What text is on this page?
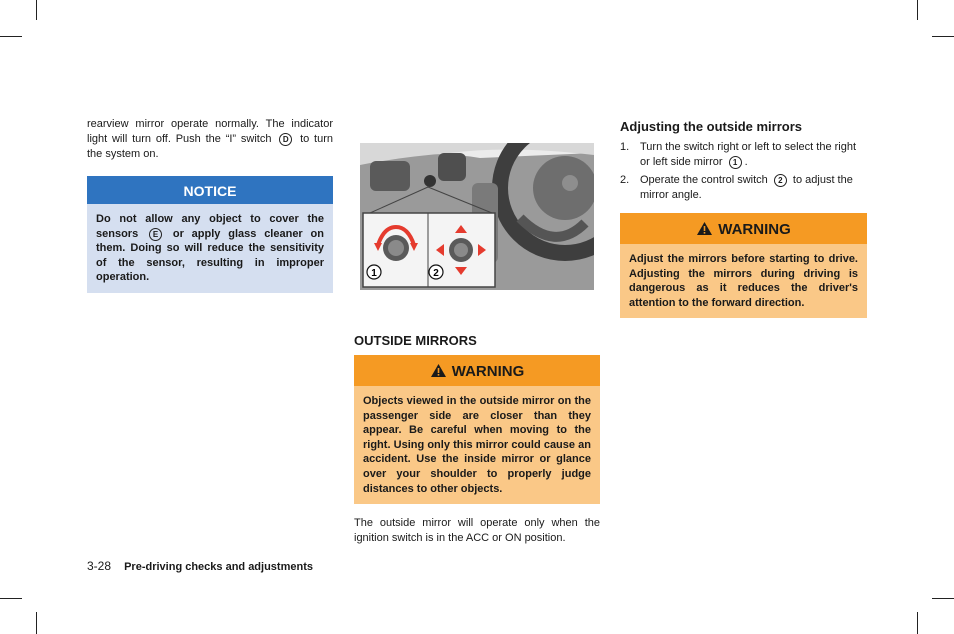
rearview mirror operate normally. The indicator light will turn off. Push the “I” switch D to turn the system on.

NOTICE
Do not allow any object to cover the sensors E or apply glass cleaner on them. Doing so will reduce the sensitivity of the sensor, resulting in improper operation.	1	2
OUTSIDE MIRRORS
WARNING
Objects viewed in the outside mirror on the passenger side are closer than they appear. Be careful when moving to the right. Using only this mirror could cause an accident. Use the inside mirror or glance over your shoulder to properly judge distances to other objects.

The outside mirror will operate only when the ignition switch is in the ACC or ON position.

Adjusting the outside mirrors
1. Turn the switch right or left to select the right or left side mirror 1 .
2. Operate the control switch 2 to adjust the mirror angle.
WARNING
Adjust the mirrors before starting to drive. Adjusting the mirrors during driving is dangerous as it reduces the driver's attention to the forward direction.
3-28 Pre-driving checks and adjustments
